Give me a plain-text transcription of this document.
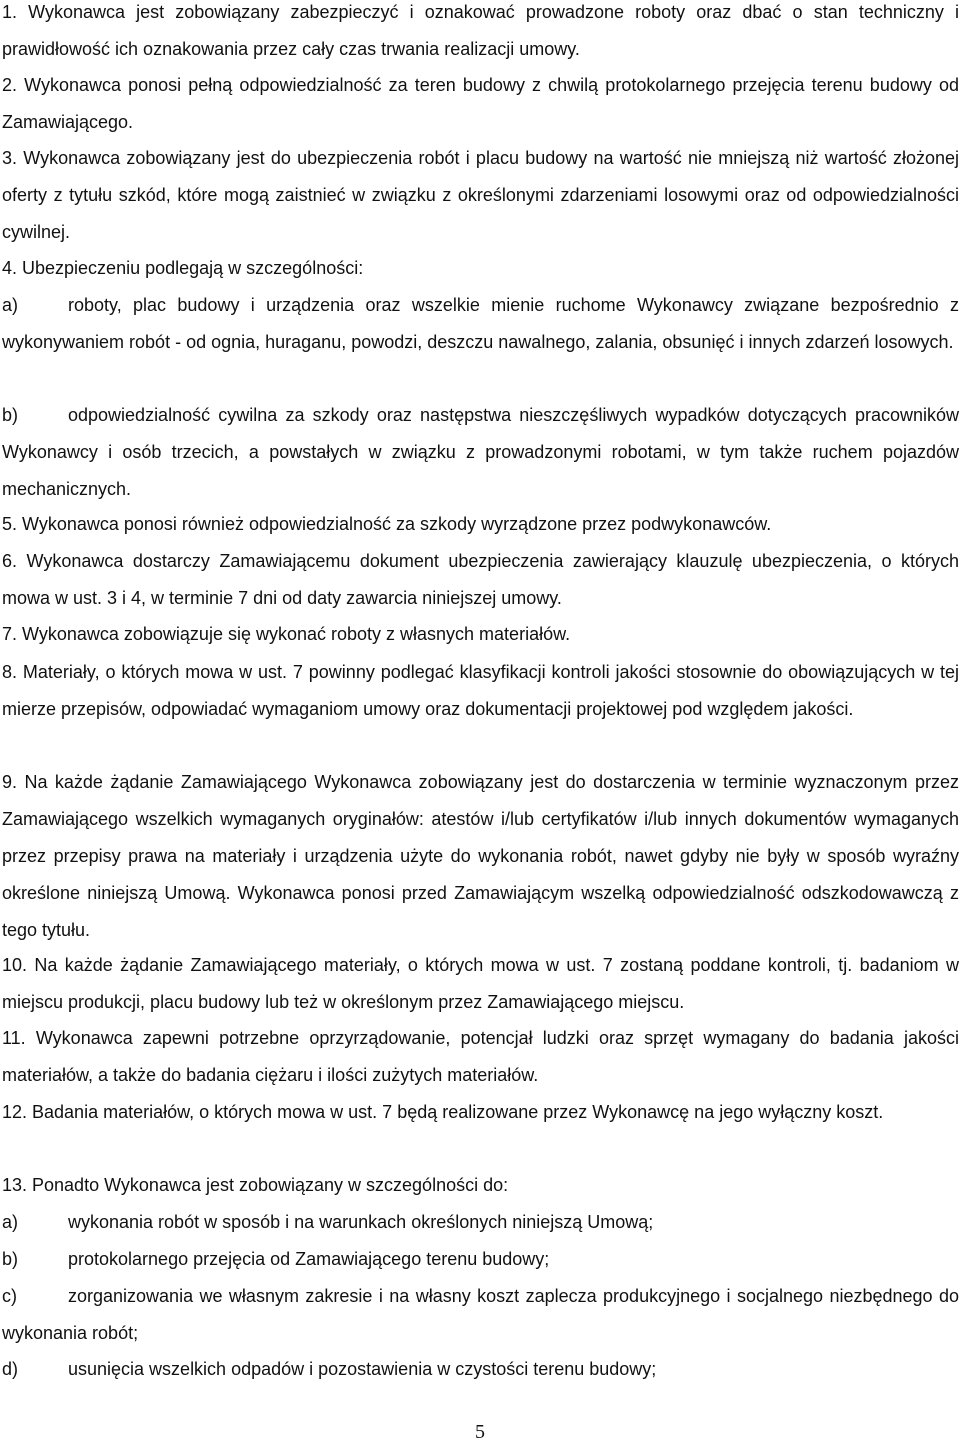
1. Wykonawca jest zobowiązany zabezpieczyć i oznakować prowadzone roboty oraz dbać o stan techniczny i prawidłowość ich oznakowania przez cały czas trwania realizacji umowy.
2. Wykonawca ponosi pełną odpowiedzialność za teren budowy z chwilą protokolarnego przejęcia terenu budowy od Zamawiającego.
3. Wykonawca zobowiązany jest do ubezpieczenia robót i placu budowy na wartość nie mniejszą niż wartość złożonej oferty z tytułu szkód, które mogą zaistnieć w związku z określonymi zdarzeniami losowymi oraz od odpowiedzialności cywilnej.
4. Ubezpieczeniu podlegają w szczególności:
a)	roboty, plac budowy i urządzenia oraz wszelkie mienie ruchome Wykonawcy związane bezpośrednio z wykonywaniem robót - od ognia, huraganu, powodzi, deszczu nawalnego, zalania, obsunięć i innych zdarzeń losowych.
b)	odpowiedzialność cywilna za szkody oraz następstwa nieszczęśliwych wypadków dotyczących pracowników Wykonawcy i osób trzecich, a powstałych w związku z prowadzonymi robotami, w tym także ruchem pojazdów mechanicznych.
5. Wykonawca ponosi również odpowiedzialność za szkody wyrządzone przez podwykonawców.
6. Wykonawca dostarczy Zamawiającemu dokument ubezpieczenia zawierający klauzulę ubezpieczenia, o których mowa w ust. 3 i 4, w terminie 7 dni od daty zawarcia niniejszej umowy.
7. Wykonawca zobowiązuje się wykonać roboty z własnych materiałów.
8. Materiały, o których mowa w ust. 7 powinny podlegać klasyfikacji kontroli jakości stosownie do obowiązujących w tej mierze przepisów, odpowiadać wymaganiom umowy oraz dokumentacji projektowej pod względem jakości.
9. Na każde żądanie Zamawiającego Wykonawca zobowiązany jest do dostarczenia w terminie wyznaczonym przez Zamawiającego wszelkich wymaganych oryginałów: atestów i/lub certyfikatów i/lub innych dokumentów wymaganych przez przepisy prawa na materiały i urządzenia użyte do wykonania robót, nawet gdyby nie były w sposób wyraźny określone niniejszą Umową. Wykonawca ponosi przed Zamawiającym wszelką odpowiedzialność odszkodowawczą z tego tytułu.
10. Na każde żądanie Zamawiającego materiały, o których mowa w ust. 7 zostaną poddane kontroli, tj. badaniom w miejscu produkcji, placu budowy lub też w określonym przez Zamawiającego miejscu.
11. Wykonawca zapewni potrzebne oprzyrządowanie, potencjał ludzki oraz sprzęt wymagany do badania jakości materiałów, a także do badania ciężaru i ilości zużytych materiałów.
12. Badania materiałów, o których mowa w ust. 7 będą realizowane przez Wykonawcę na jego wyłączny koszt.
13. Ponadto Wykonawca jest zobowiązany w szczególności do:
a)	wykonania robót w sposób i na warunkach określonych niniejszą Umową;
b)	protokolarnego przejęcia od Zamawiającego terenu budowy;
c)	zorganizowania we własnym zakresie i na własny koszt zaplecza produkcyjnego i socjalnego niezbędnego do wykonania robót;
d)	usunięcia wszelkich odpadów i pozostawienia w czystości terenu budowy;
5
